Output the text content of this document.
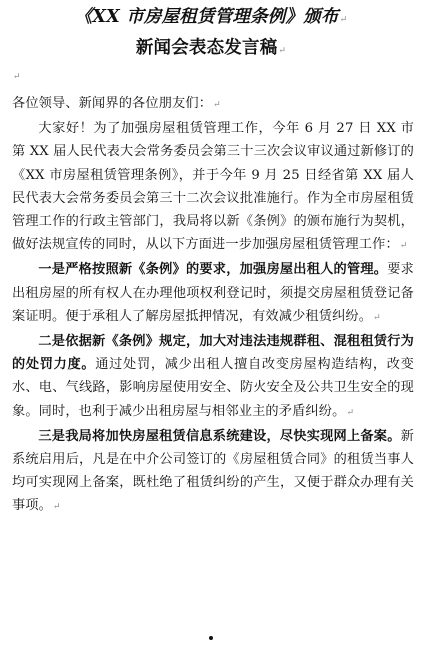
《XX 市房屋租赁管理条例》颁布↵
新闻会表态发言稿↵
↵

各位领导、新闻界的各位朋友们：↵

大家好！为了加强房屋租赁管理工作，今年 6 月 27 日 XX 市第 XX 届人民代表大会常务委员会第三十三次会议审议通过新修订的《XX 市房屋租赁管理条例》，并于今年 9 月 25 日经省第 XX 届人民代表大会常务委员会第三十二次会议批准施行。作为全市房屋租赁管理工作的行政主管部门，我局将以新《条例》的颁布施行为契机，做好法规宣传的同时，从以下方面进一步加强房屋租赁管理工作：↵

一是严格按照新《条例》的要求，加强房屋出租人的管理。要求出租房屋的所有权人在办理他项权利登记时，须提交房屋租赁登记备案证明。便于承租人了解房屋抵押情况，有效减少租赁纠纷。↵

二是依据新《条例》规定，加大对违法违规群租、混租租赁行为的处罚力度。通过处罚，减少出租人擅自改变房屋构造结构，改变水、电、气线路，影响房屋使用安全、防火安全及公共卫生安全的现象。同时，也利于减少出租房屋与相邻业主的矛盾纠纷。↵

三是我局将加快房屋租赁信息系统建设，尽快实现网上备案。新系统启用后，凡是在中介公司签订的《房屋租赁合同》的租赁当事人均可实现网上备案，既杜绝了租赁纠纷的产生，又便于群众办理有关事项。↵
